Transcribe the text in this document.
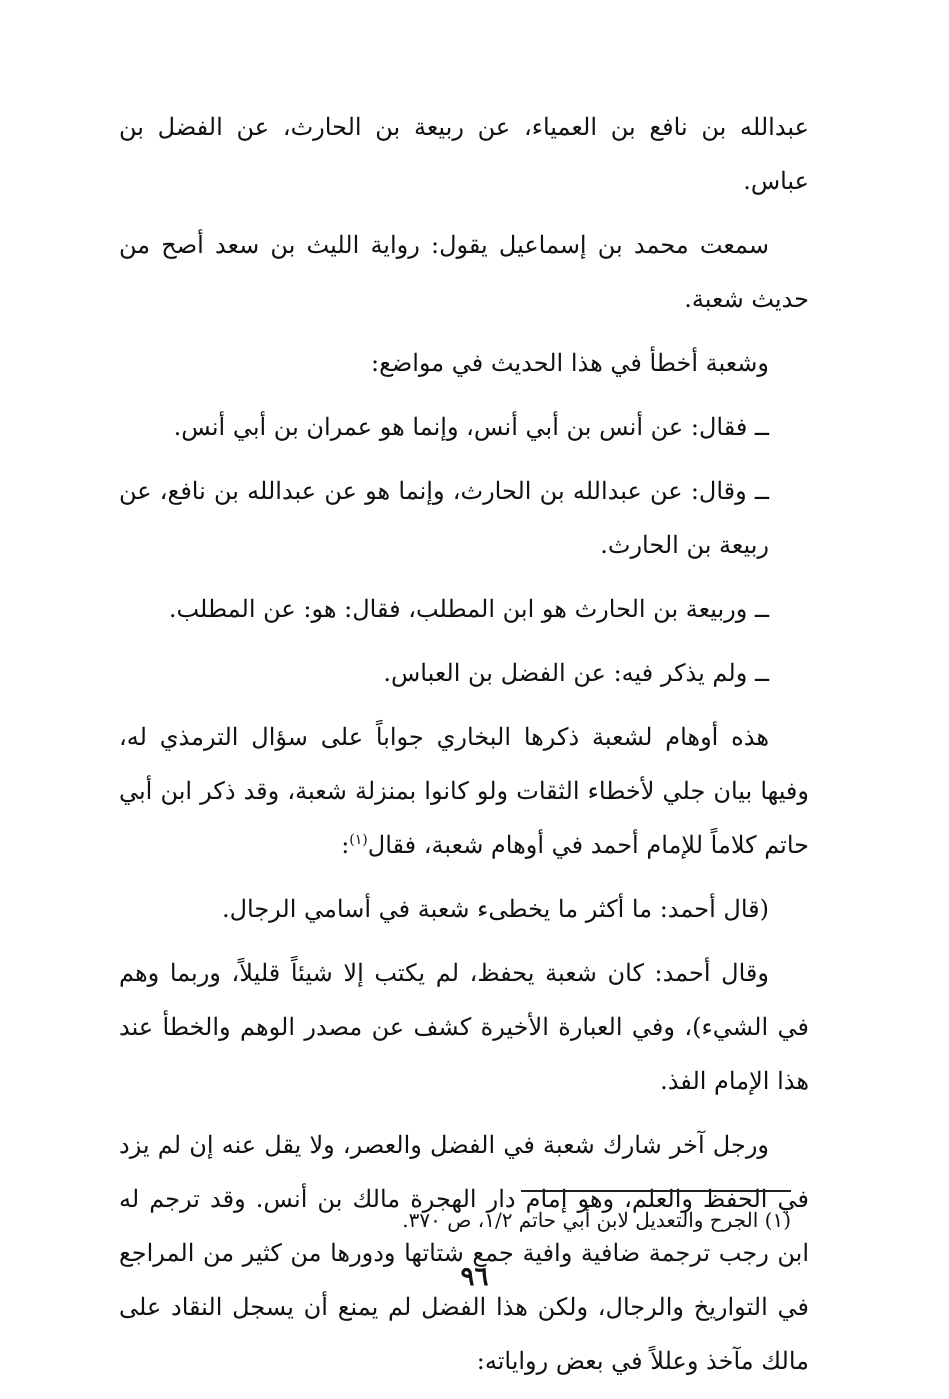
عبدالله بن نافع بن العمياء، عن ربيعة بن الحارث، عن الفضل بن عباس.

سمعت محمد بن إسماعيل يقول: رواية الليث بن سعد أصح من حديث شعبة.

وشعبة أخطأ في هذا الحديث في مواضع:

ــ فقال: عن أنس بن أبي أنس، وإنما هو عمران بن أبي أنس.

ــ وقال: عن عبدالله بن الحارث، وإنما هو عن عبدالله بن نافع، عن ربيعة بن الحارث.

ــ وربيعة بن الحارث هو ابن المطلب، فقال: هو: عن المطلب.

ــ ولم يذكر فيه: عن الفضل بن العباس.

هذه أوهام لشعبة ذكرها البخاري جواباً على سؤال الترمذي له، وفيها بيان جلي لأخطاء الثقات ولو كانوا بمنزلة شعبة، وقد ذكر ابن أبي حاتم كلاماً للإمام أحمد في أوهام شعبة، فقال$^{(١)}$:

(قال أحمد: ما أكثر ما يخطىء شعبة في أسامي الرجال.

وقال أحمد: كان شعبة يحفظ، لم يكتب إلا شيئاً قليلاً، وربما وهم في الشيء)، وفي العبارة الأخيرة كشف عن مصدر الوهم والخطأ عند هذا الإمام الفذ.

ورجل آخر شارك شعبة في الفضل والعصر، ولا يقل عنه إن لم يزد في الحفظ والعلم، وهو إمام دار الهجرة مالك بن أنس. وقد ترجم له ابن رجب ترجمة ضافية وافية جمع شتاتها ودورها من كثير من المراجع في التواريخ والرجال، ولكن هذا الفضل لم يمنع أن يسجل النقاد على مالك مآخذ وعللاً في بعض رواياته:

(١) الجرح والتعديل لابن أبي حاتم ١/٢، ص ٣٧٠.
٩٦
